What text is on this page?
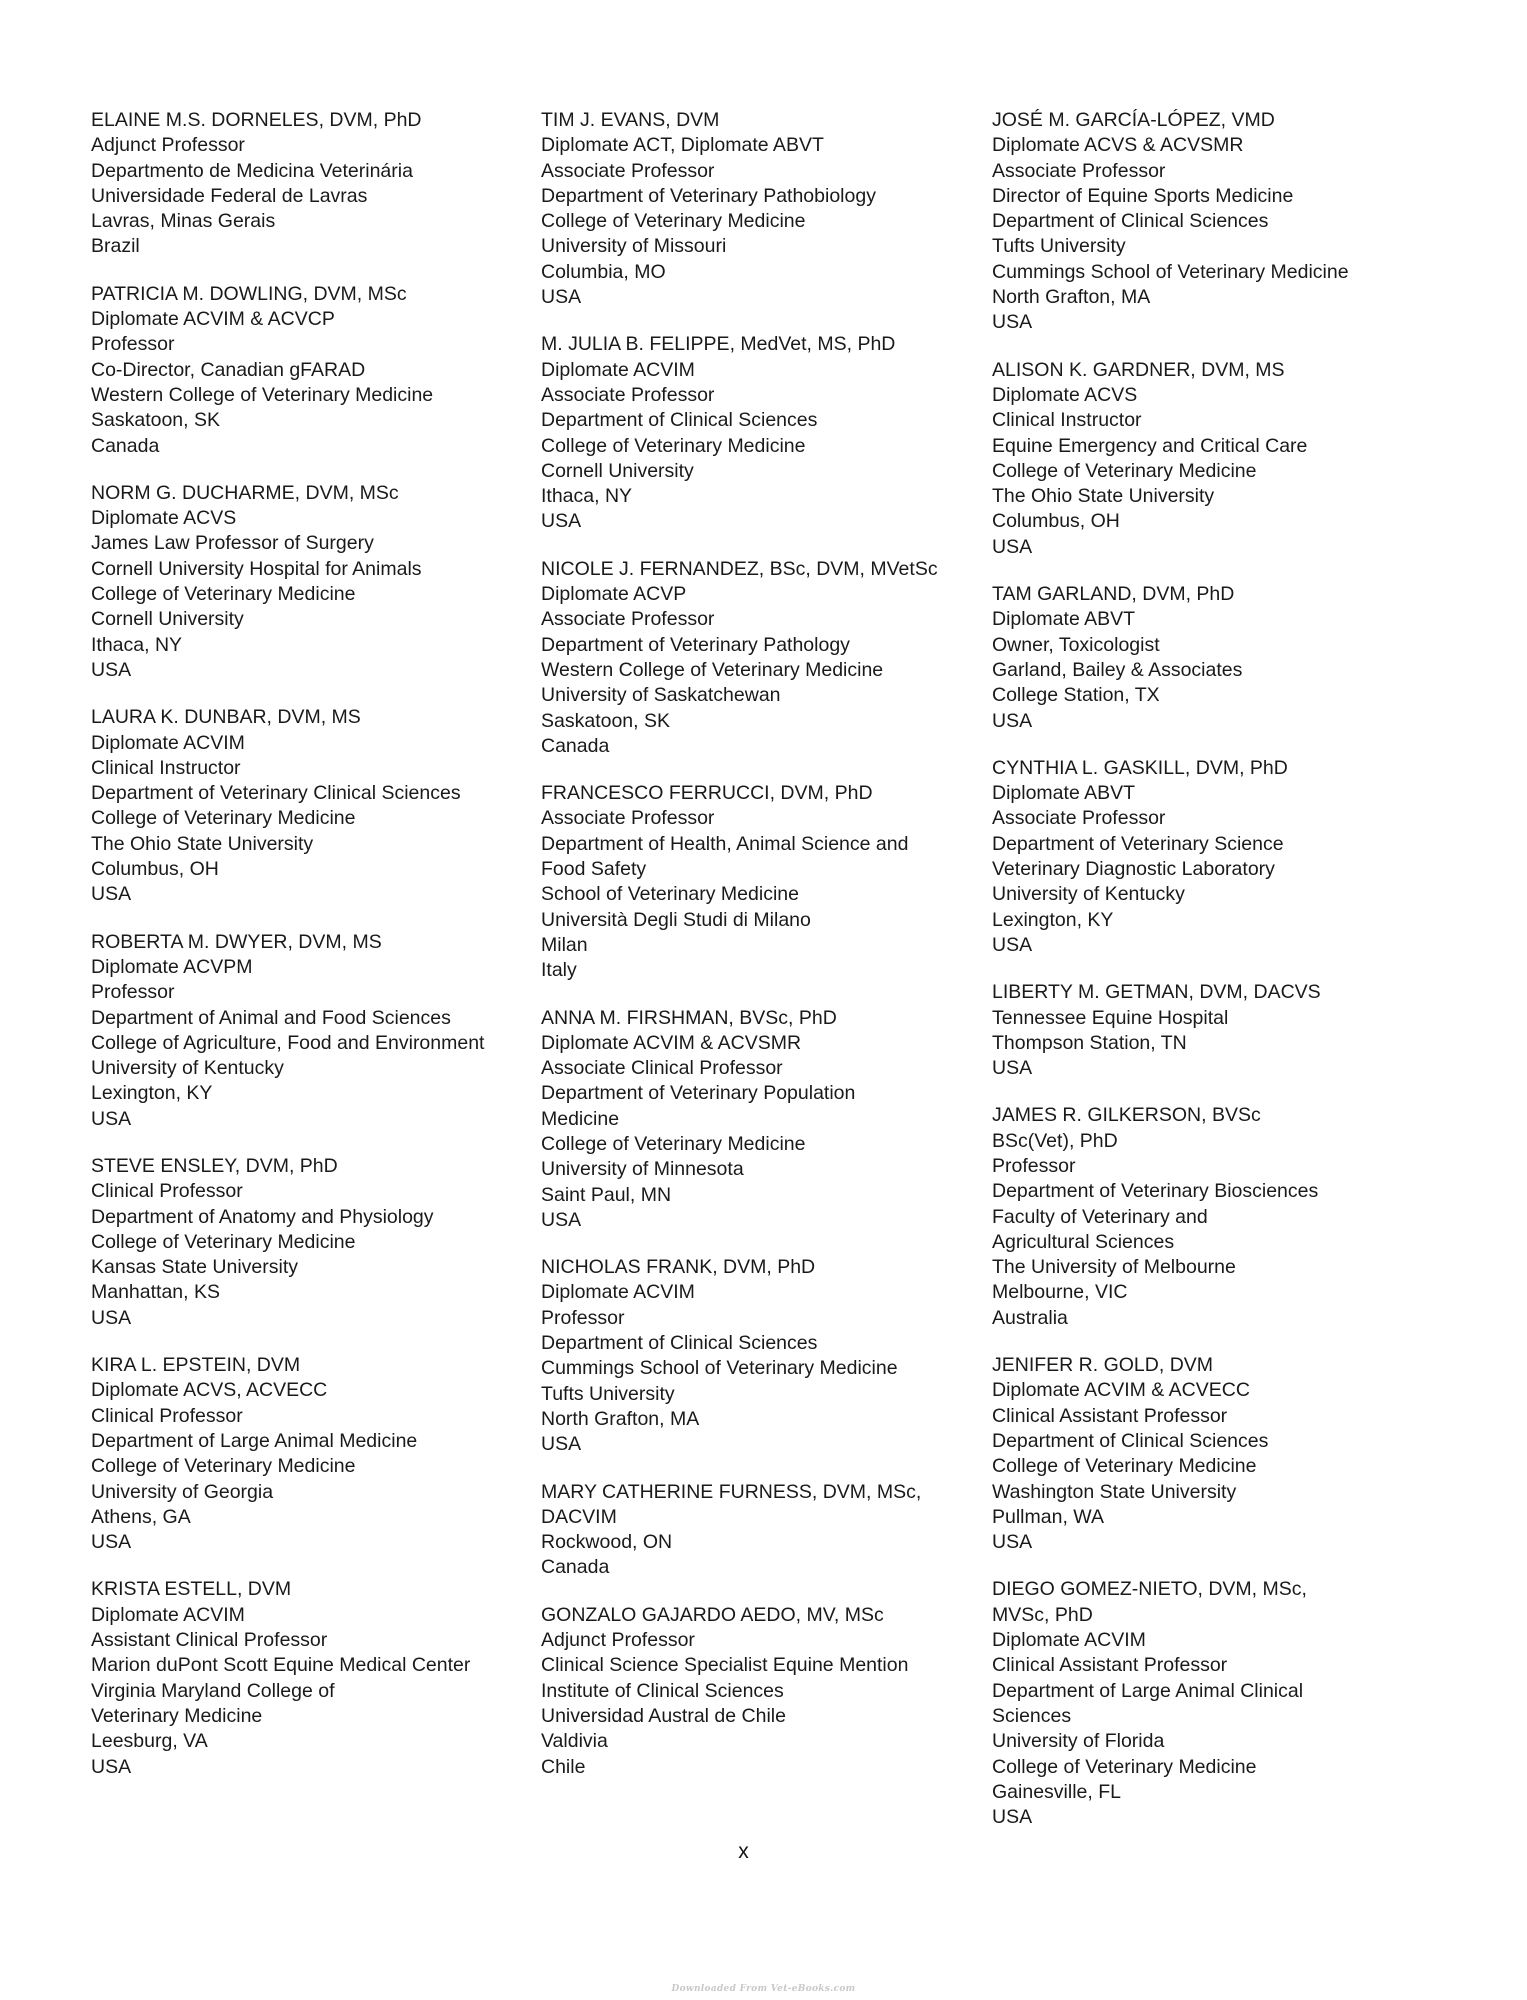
ELAINE M.S. DORNELES, DVM, PhD
Adjunct Professor
Departmento de Medicina Veterinária
Universidade Federal de Lavras
Lavras, Minas Gerais
Brazil
PATRICIA M. DOWLING, DVM, MSc
Diplomate ACVIM & ACVCP
Professor
Co-Director, Canadian gFARAD
Western College of Veterinary Medicine
Saskatoon, SK
Canada
NORM G. DUCHARME, DVM, MSc
Diplomate ACVS
James Law Professor of Surgery
Cornell University Hospital for Animals
College of Veterinary Medicine
Cornell University
Ithaca, NY
USA
LAURA K. DUNBAR, DVM, MS
Diplomate ACVIM
Clinical Instructor
Department of Veterinary Clinical Sciences
College of Veterinary Medicine
The Ohio State University
Columbus, OH
USA
ROBERTA M. DWYER, DVM, MS
Diplomate ACVPM
Professor
Department of Animal and Food Sciences
College of Agriculture, Food and Environment
University of Kentucky
Lexington, KY
USA
STEVE ENSLEY, DVM, PhD
Clinical Professor
Department of Anatomy and Physiology
College of Veterinary Medicine
Kansas State University
Manhattan, KS
USA
KIRA L. EPSTEIN, DVM
Diplomate ACVS, ACVECC
Clinical Professor
Department of Large Animal Medicine
College of Veterinary Medicine
University of Georgia
Athens, GA
USA
KRISTA ESTELL, DVM
Diplomate ACVIM
Assistant Clinical Professor
Marion duPont Scott Equine Medical Center
Virginia Maryland College of
Veterinary Medicine
Leesburg, VA
USA
TIM J. EVANS, DVM
Diplomate ACT, Diplomate ABVT
Associate Professor
Department of Veterinary Pathobiology
College of Veterinary Medicine
University of Missouri
Columbia, MO
USA
M. JULIA B. FELIPPE, MedVet, MS, PhD
Diplomate ACVIM
Associate Professor
Department of Clinical Sciences
College of Veterinary Medicine
Cornell University
Ithaca, NY
USA
NICOLE J. FERNANDEZ, BSc, DVM, MVetSc
Diplomate ACVP
Associate Professor
Department of Veterinary Pathology
Western College of Veterinary Medicine
University of Saskatchewan
Saskatoon, SK
Canada
FRANCESCO FERRUCCI, DVM, PhD
Associate Professor
Department of Health, Animal Science and
Food Safety
School of Veterinary Medicine
Università Degli Studi di Milano
Milan
Italy
ANNA M. FIRSHMAN, BVSc, PhD
Diplomate ACVIM & ACVSMR
Associate Clinical Professor
Department of Veterinary Population
Medicine
College of Veterinary Medicine
University of Minnesota
Saint Paul, MN
USA
NICHOLAS FRANK, DVM, PhD
Diplomate ACVIM
Professor
Department of Clinical Sciences
Cummings School of Veterinary Medicine
Tufts University
North Grafton, MA
USA
MARY CATHERINE FURNESS, DVM, MSc,
DACVIM
Rockwood, ON
Canada
GONZALO GAJARDO AEDO, MV, MSc
Adjunct Professor
Clinical Science Specialist Equine Mention
Institute of Clinical Sciences
Universidad Austral de Chile
Valdivia
Chile
JOSÉ M. GARCÍA-LÓPEZ, VMD
Diplomate ACVS & ACVSMR
Associate Professor
Director of Equine Sports Medicine
Department of Clinical Sciences
Tufts University
Cummings School of Veterinary Medicine
North Grafton, MA
USA
ALISON K. GARDNER, DVM, MS
Diplomate ACVS
Clinical Instructor
Equine Emergency and Critical Care
College of Veterinary Medicine
The Ohio State University
Columbus, OH
USA
TAM GARLAND, DVM, PhD
Diplomate ABVT
Owner, Toxicologist
Garland, Bailey & Associates
College Station, TX
USA
CYNTHIA L. GASKILL, DVM, PhD
Diplomate ABVT
Associate Professor
Department of Veterinary Science
Veterinary Diagnostic Laboratory
University of Kentucky
Lexington, KY
USA
LIBERTY M. GETMAN, DVM, DACVS
Tennessee Equine Hospital
Thompson Station, TN
USA
JAMES R. GILKERSON, BVSc
BSc(Vet), PhD
Professor
Department of Veterinary Biosciences
Faculty of Veterinary and
Agricultural Sciences
The University of Melbourne
Melbourne, VIC
Australia
JENIFER R. GOLD, DVM
Diplomate ACVIM & ACVECC
Clinical Assistant Professor
Department of Clinical Sciences
College of Veterinary Medicine
Washington State University
Pullman, WA
USA
DIEGO GOMEZ-NIETO, DVM, MSc,
MVSc, PhD
Diplomate ACVIM
Clinical Assistant Professor
Department of Large Animal Clinical
Sciences
University of Florida
College of Veterinary Medicine
Gainesville, FL
USA
x
Downloaded From Vet-eBooks.com
